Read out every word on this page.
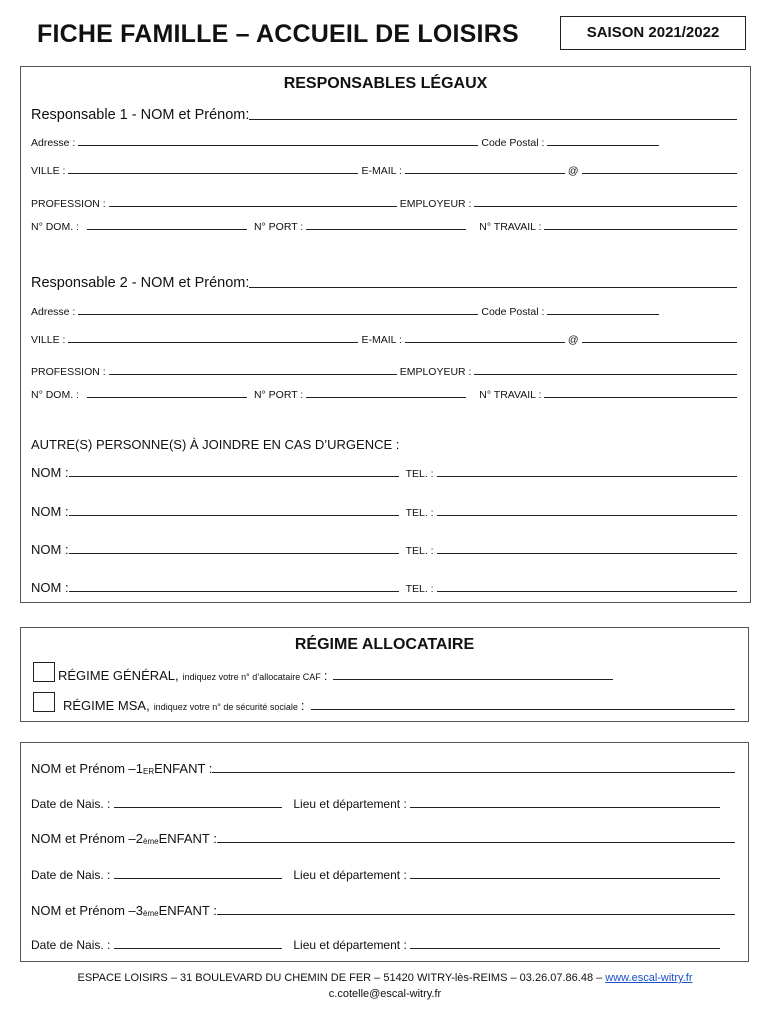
FICHE FAMILLE – ACCUEIL DE LOISIRS	SAISON 2021/2022
RESPONSABLES LÉGAUX
Responsable 1 - NOM et Prénom:
Adresse :	Code Postal :
VILLE :	E-MAIL :	@
PROFESSION :	EMPLOYEUR :
N° DOM. :	N° PORT :	N° TRAVAIL :
Responsable 2 - NOM et Prénom:
Adresse :	Code Postal :
VILLE :	E-MAIL :	@
PROFESSION :	EMPLOYEUR :
N° DOM. :	N° PORT :	N° TRAVAIL :
AUTRE(S) PERSONNE(S) À JOINDRE EN CAS D’URGENCE :
NOM :	TEL. :
NOM :	TEL. :
NOM :	TEL. :
NOM :	TEL. :
RÉGIME ALLOCATAIRE
RÉGIME GÉNÉRAL, indiquez votre n° d’allocataire CAF :
RÉGIME MSA, indiquez votre n° de sécurité sociale :
NOM et Prénom – $1_{ER}$ ENFANT :
Date de Nais. :	Lieu et département :
NOM et Prénom – $2_{ème}$ ENFANT :
Date de Nais. :	Lieu et département :
NOM et Prénom – $3_{ème}$ ENFANT :
Date de Nais. :	Lieu et département :
ESPACE LOISIRS – 31 BOULEVARD DU CHEMIN DE FER – 51420 WITRY-lès-REIMS – 03.26.07.86.48 – www.escal-witry.fr
c.cotelle@escal-witry.fr
